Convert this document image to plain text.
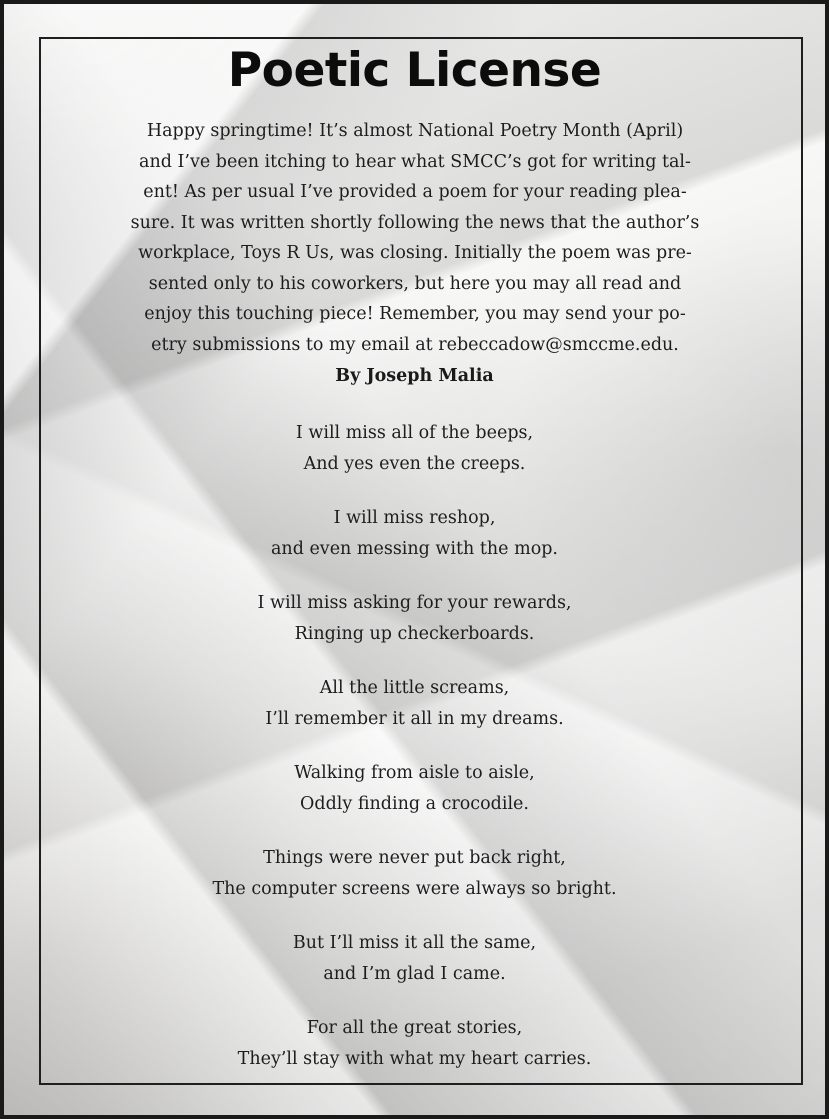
Poetic License

Happy springtime! It’s almost National Poetry Month (April)
and I’ve been itching to hear what SMCC’s got for writing tal-
ent! As per usual I’ve provided a poem for your reading plea-
sure. It was written shortly following the news that the author’s
workplace, Toys R Us, was closing. Initially the poem was pre-
sented only to his coworkers, but here you may all read and
enjoy this touching piece! Remember, you may send your po-
etry submissions to my email at rebeccadow@smccme.edu.

By Joseph Malia

I will miss all of the beeps,
And yes even the creeps.

I will miss reshop,
and even messing with the mop.

I will miss asking for your rewards,
Ringing up checkerboards.

All the little screams,
I’ll remember it all in my dreams.

Walking from aisle to aisle,
Oddly finding a crocodile.

Things were never put back right,
The computer screens were always so bright.

But I’ll miss it all the same,
and I’m glad I came.

For all the great stories,
They’ll stay with what my heart carries.
